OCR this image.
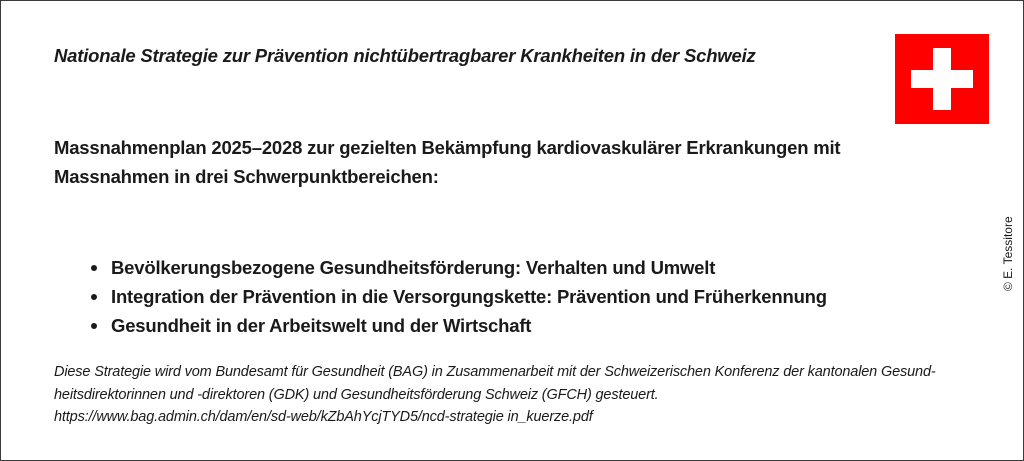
Nationale Strategie zur Prävention nichtübertragbarer Krankheiten in der Schweiz
Massnahmenplan 2025–2028 zur gezielten Bekämpfung kardiovaskulärer Erkrankungen mit
Massnahmen in drei Schwerpunktbereichen:
Bevölkerungsbezogene Gesundheitsförderung: Verhalten und Umwelt
Integration der Prävention in die Versorgungskette: Prävention und Früherkennung
Gesundheit in der Arbeitswelt und der Wirtschaft
Diese Strategie wird vom Bundesamt für Gesundheit (BAG) in Zusammenarbeit mit der Schweizerischen Konferenz der kantonalen Gesund-
heitsdirektorinnen und -direktoren (GDK) und Gesundheitsförderung Schweiz (GFCH) gesteuert.
https://www.bag.admin.ch/dam/en/sd-web/kZbAhYcjTYD5/ncd-strategie in_kuerze.pdf
© E. Tessitore
